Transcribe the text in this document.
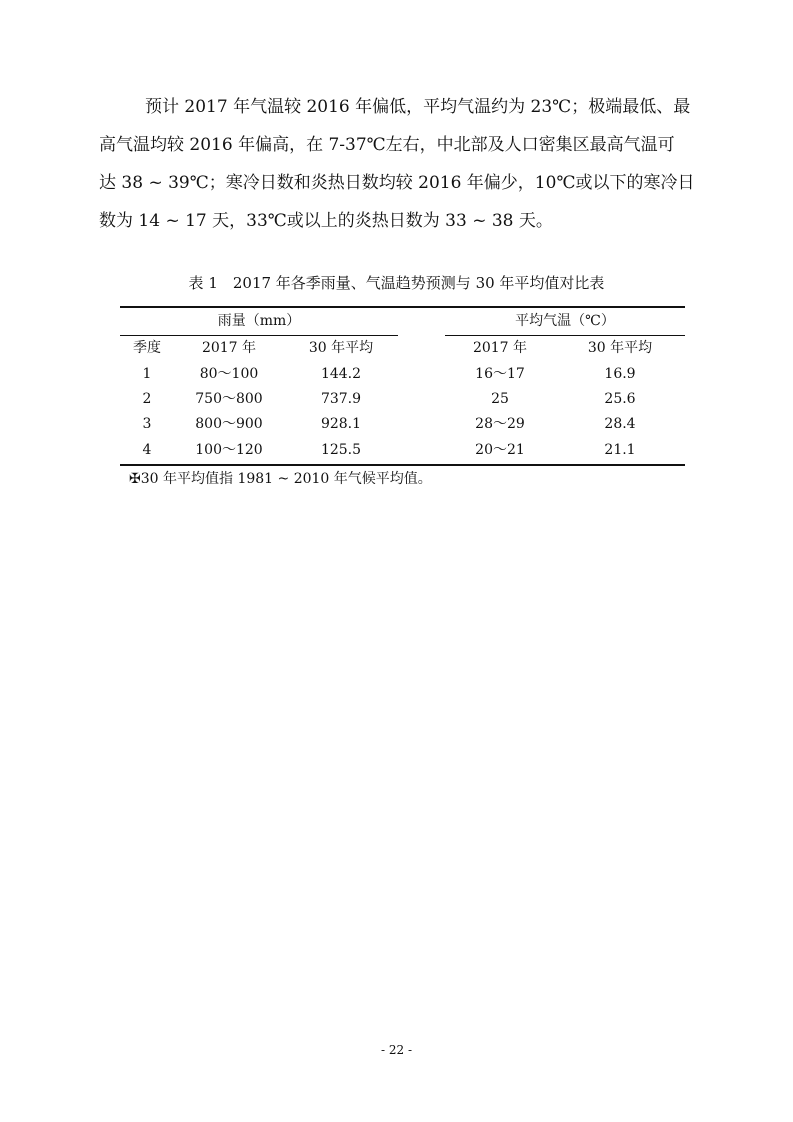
预计 2017 年气温较 2016 年偏低，平均气温约为 23℃；极端最低、最
高气温均较 2016 年偏高，在 7-37℃左右，中北部及人口密集区最高气温可
达 38 ~ 39℃；寒冷日数和炎热日数均较 2016 年偏少，10℃或以下的寒冷日
数为 14 ~ 17 天，33℃或以上的炎热日数为 33 ~ 38 天。
表 1　2017 年各季雨量、气温趋势预测与 30 年平均值对比表
雨量（mm）	平均气温（℃）
季度	2017 年	30 年平均	2017 年	30 年平均
1	80～100	144.2	16～17	16.9
2	750～800	737.9	25	25.6
3	800～900	928.1	28～29	28.4
4	100～120	125.5	20～21	21.1
✠30 年平均值指 1981 ~ 2010 年气候平均值。
- 22 -
